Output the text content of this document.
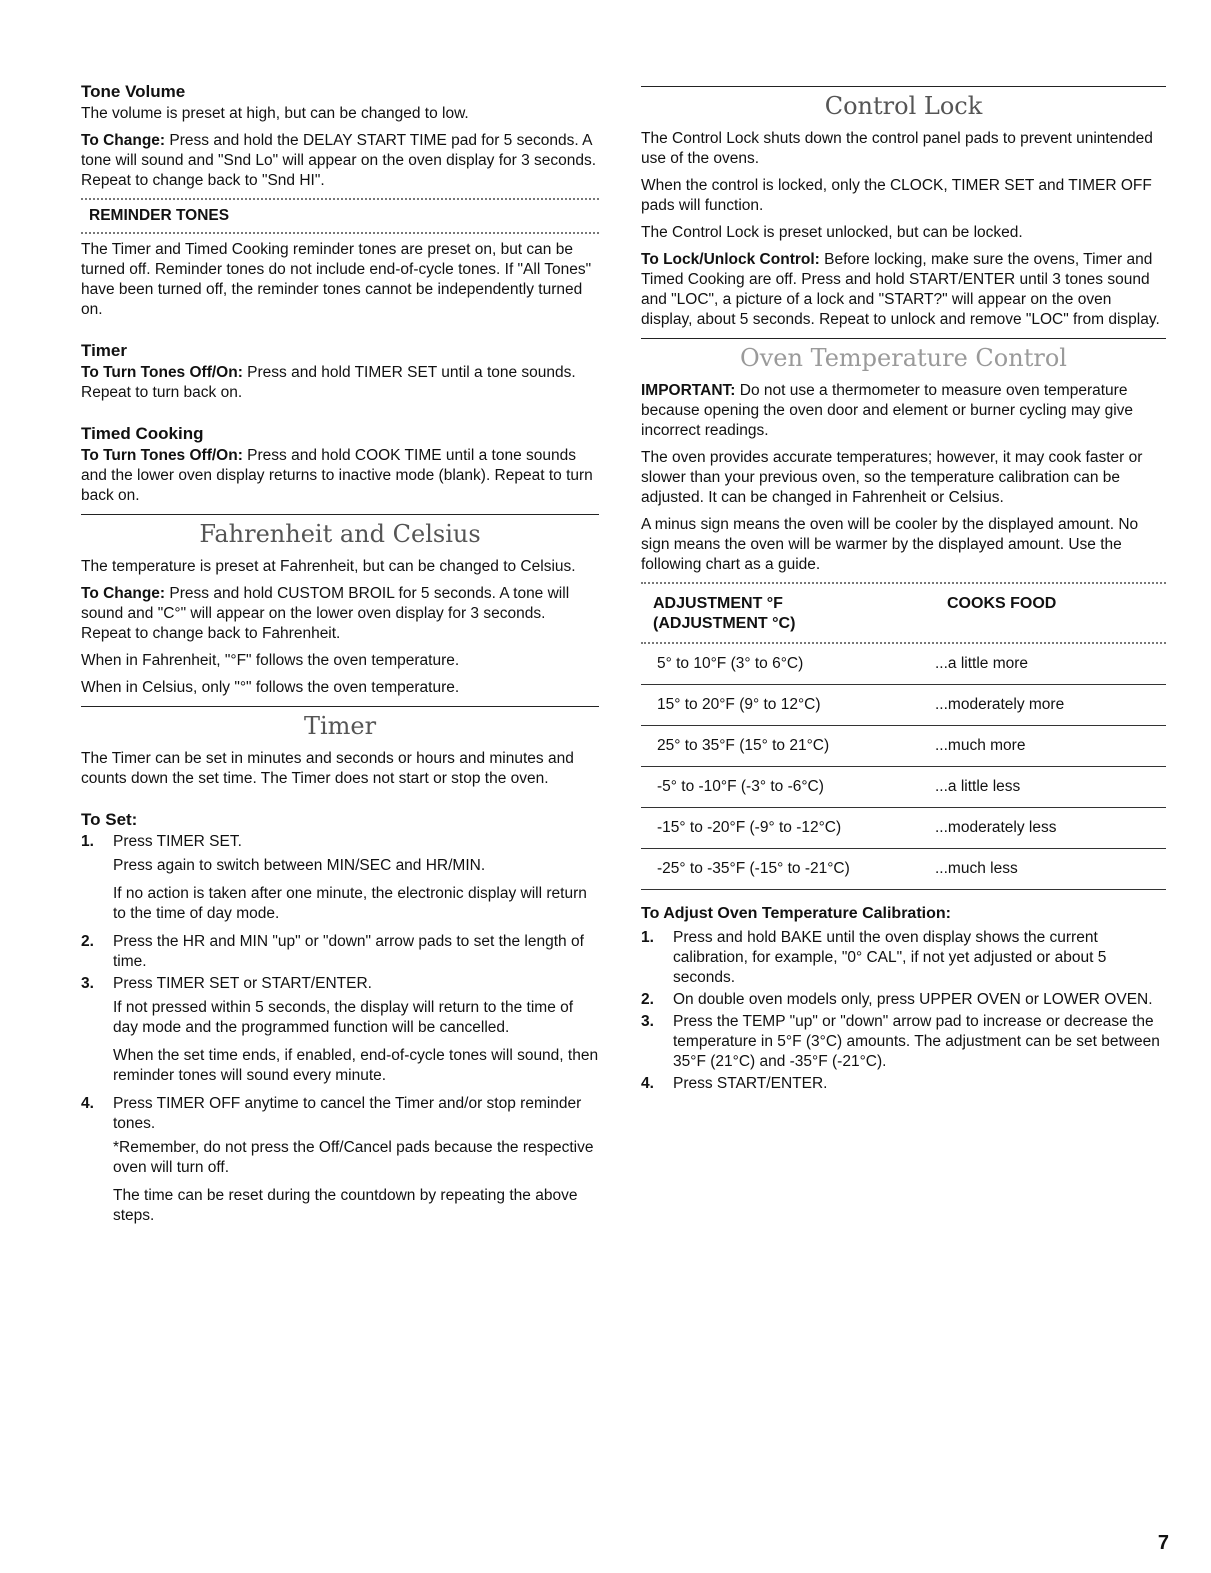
Tone Volume

The volume is preset at high, but can be changed to low.

To Change: Press and hold the DELAY START TIME pad for 5 seconds. A tone will sound and "Snd Lo" will appear on the oven display for 3 seconds. Repeat to change back to "Snd HI".

REMINDER TONES

The Timer and Timed Cooking reminder tones are preset on, but can be turned off. Reminder tones do not include end-of-cycle tones. If "All Tones" have been turned off, the reminder tones cannot be independently turned on.

Timer

To Turn Tones Off/On: Press and hold TIMER SET until a tone sounds. Repeat to turn back on.

Timed Cooking

To Turn Tones Off/On: Press and hold COOK TIME until a tone sounds and the lower oven display returns to inactive mode (blank). Repeat to turn back on.

Fahrenheit and Celsius

The temperature is preset at Fahrenheit, but can be changed to Celsius.

To Change: Press and hold CUSTOM BROIL for 5 seconds. A tone will sound and "C°" will appear on the lower oven display for 3 seconds. Repeat to change back to Fahrenheit.

When in Fahrenheit, "°F" follows the oven temperature.

When in Celsius, only "°" follows the oven temperature.

Timer

The Timer can be set in minutes and seconds or hours and minutes and counts down the set time. The Timer does not start or stop the oven.

To Set:
1. Press TIMER SET.
Press again to switch between MIN/SEC and HR/MIN.
If no action is taken after one minute, the electronic display will return to the time of day mode.
2. Press the HR and MIN "up" or "down" arrow pads to set the length of time.
3. Press TIMER SET or START/ENTER.
If not pressed within 5 seconds, the display will return to the time of day mode and the programmed function will be cancelled.
When the set time ends, if enabled, end-of-cycle tones will sound, then reminder tones will sound every minute.
4. Press TIMER OFF anytime to cancel the Timer and/or stop reminder tones.
*Remember, do not press the Off/Cancel pads because the respective oven will turn off.
The time can be reset during the countdown by repeating the above steps.
Control Lock

The Control Lock shuts down the control panel pads to prevent unintended use of the ovens.

When the control is locked, only the CLOCK, TIMER SET and TIMER OFF pads will function.

The Control Lock is preset unlocked, but can be locked.

To Lock/Unlock Control: Before locking, make sure the ovens, Timer and Timed Cooking are off. Press and hold START/ENTER until 3 tones sound and "LOC", a picture of a lock and "START?" will appear on the oven display, about 5 seconds. Repeat to unlock and remove "LOC" from display.

Oven Temperature Control

IMPORTANT: Do not use a thermometer to measure oven temperature because opening the oven door and element or burner cycling may give incorrect readings.

The oven provides accurate temperatures; however, it may cook faster or slower than your previous oven, so the temperature calibration can be adjusted. It can be changed in Fahrenheit or Celsius.

A minus sign means the oven will be cooler by the displayed amount. No sign means the oven will be warmer by the displayed amount. Use the following chart as a guide.

ADJUSTMENT °F
(ADJUSTMENT °C)	COOKS FOOD

5° to 10°F (3° to 6°C)	...a little more
15° to 20°F (9° to 12°C)	...moderately more
25° to 35°F (15° to 21°C)	...much more
-5° to -10°F (-3° to -6°C)	...a little less
-15° to -20°F (-9° to -12°C)	...moderately less
-25° to -35°F (-15° to -21°C)	...much less
To Adjust Oven Temperature Calibration:
1. Press and hold BAKE until the oven display shows the current calibration, for example, "0° CAL", if not yet adjusted or about 5 seconds.
2. On double oven models only, press UPPER OVEN or LOWER OVEN.
3. Press the TEMP "up" or "down" arrow pad to increase or decrease the temperature in 5°F (3°C) amounts. The adjustment can be set between 35°F (21°C) and -35°F (-21°C).
4. Press START/ENTER.
7
